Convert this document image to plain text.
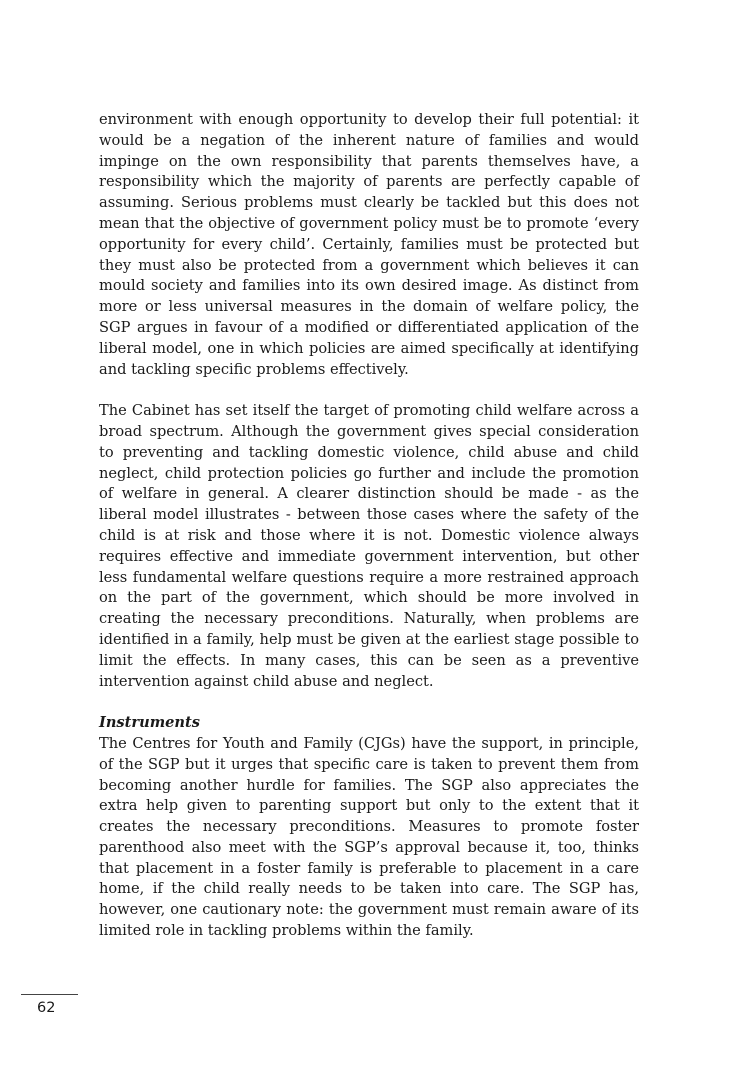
environment with enough opportunity to develop their full potential: it would be a negation of the inherent nature of families and would impinge on the own responsibility that parents themselves have, a responsibility which the majority of parents are perfectly capable of assuming. Serious problems must clearly be tackled but this does not mean that the objective of government policy must be to promote ‘every opportunity for every child’. Certainly, families must be protected but they must also be protected from a government which believes it can mould society and families into its own desired image. As distinct from more or less universal measures in the domain of welfare policy, the SGP argues in favour of a modified or differentiated application of the liberal model, one in which policies are aimed specifically at identifying and tackling specific problems effectively.

The Cabinet has set itself the target of promoting child welfare across a broad spectrum. Although the government gives special consideration to preventing and tackling domestic violence, child abuse and child neglect, child protection policies go further and include the promotion of welfare in general. A clearer distinction should be made - as the liberal model illustrates - between those cases where the safety of the child is at risk and those where it is not. Domestic violence always requires effective and immediate government intervention, but other less fundamental welfare questions require a more restrained approach on the part of the government, which should be more involved in creating the necessary preconditions. Naturally, when problems are identified in a family, help must be given at the earliest stage possible to limit the effects. In many cases, this can be seen as a preventive intervention against child abuse and neglect.

Instruments

The Centres for Youth and Family (CJGs) have the support, in principle, of the SGP but it urges that specific care is taken to prevent them from becoming another hurdle for families. The SGP also appreciates the extra help given to parenting support but only to the extent that it creates the necessary preconditions. Measures to promote foster parenthood also meet with the SGP’s approval because it, too, thinks that placement in a foster family is preferable to placement in a care home, if the child really needs to be taken into care. The SGP has, however, one cautionary note: the government must remain aware of its limited role in tackling problems within the family.

62
